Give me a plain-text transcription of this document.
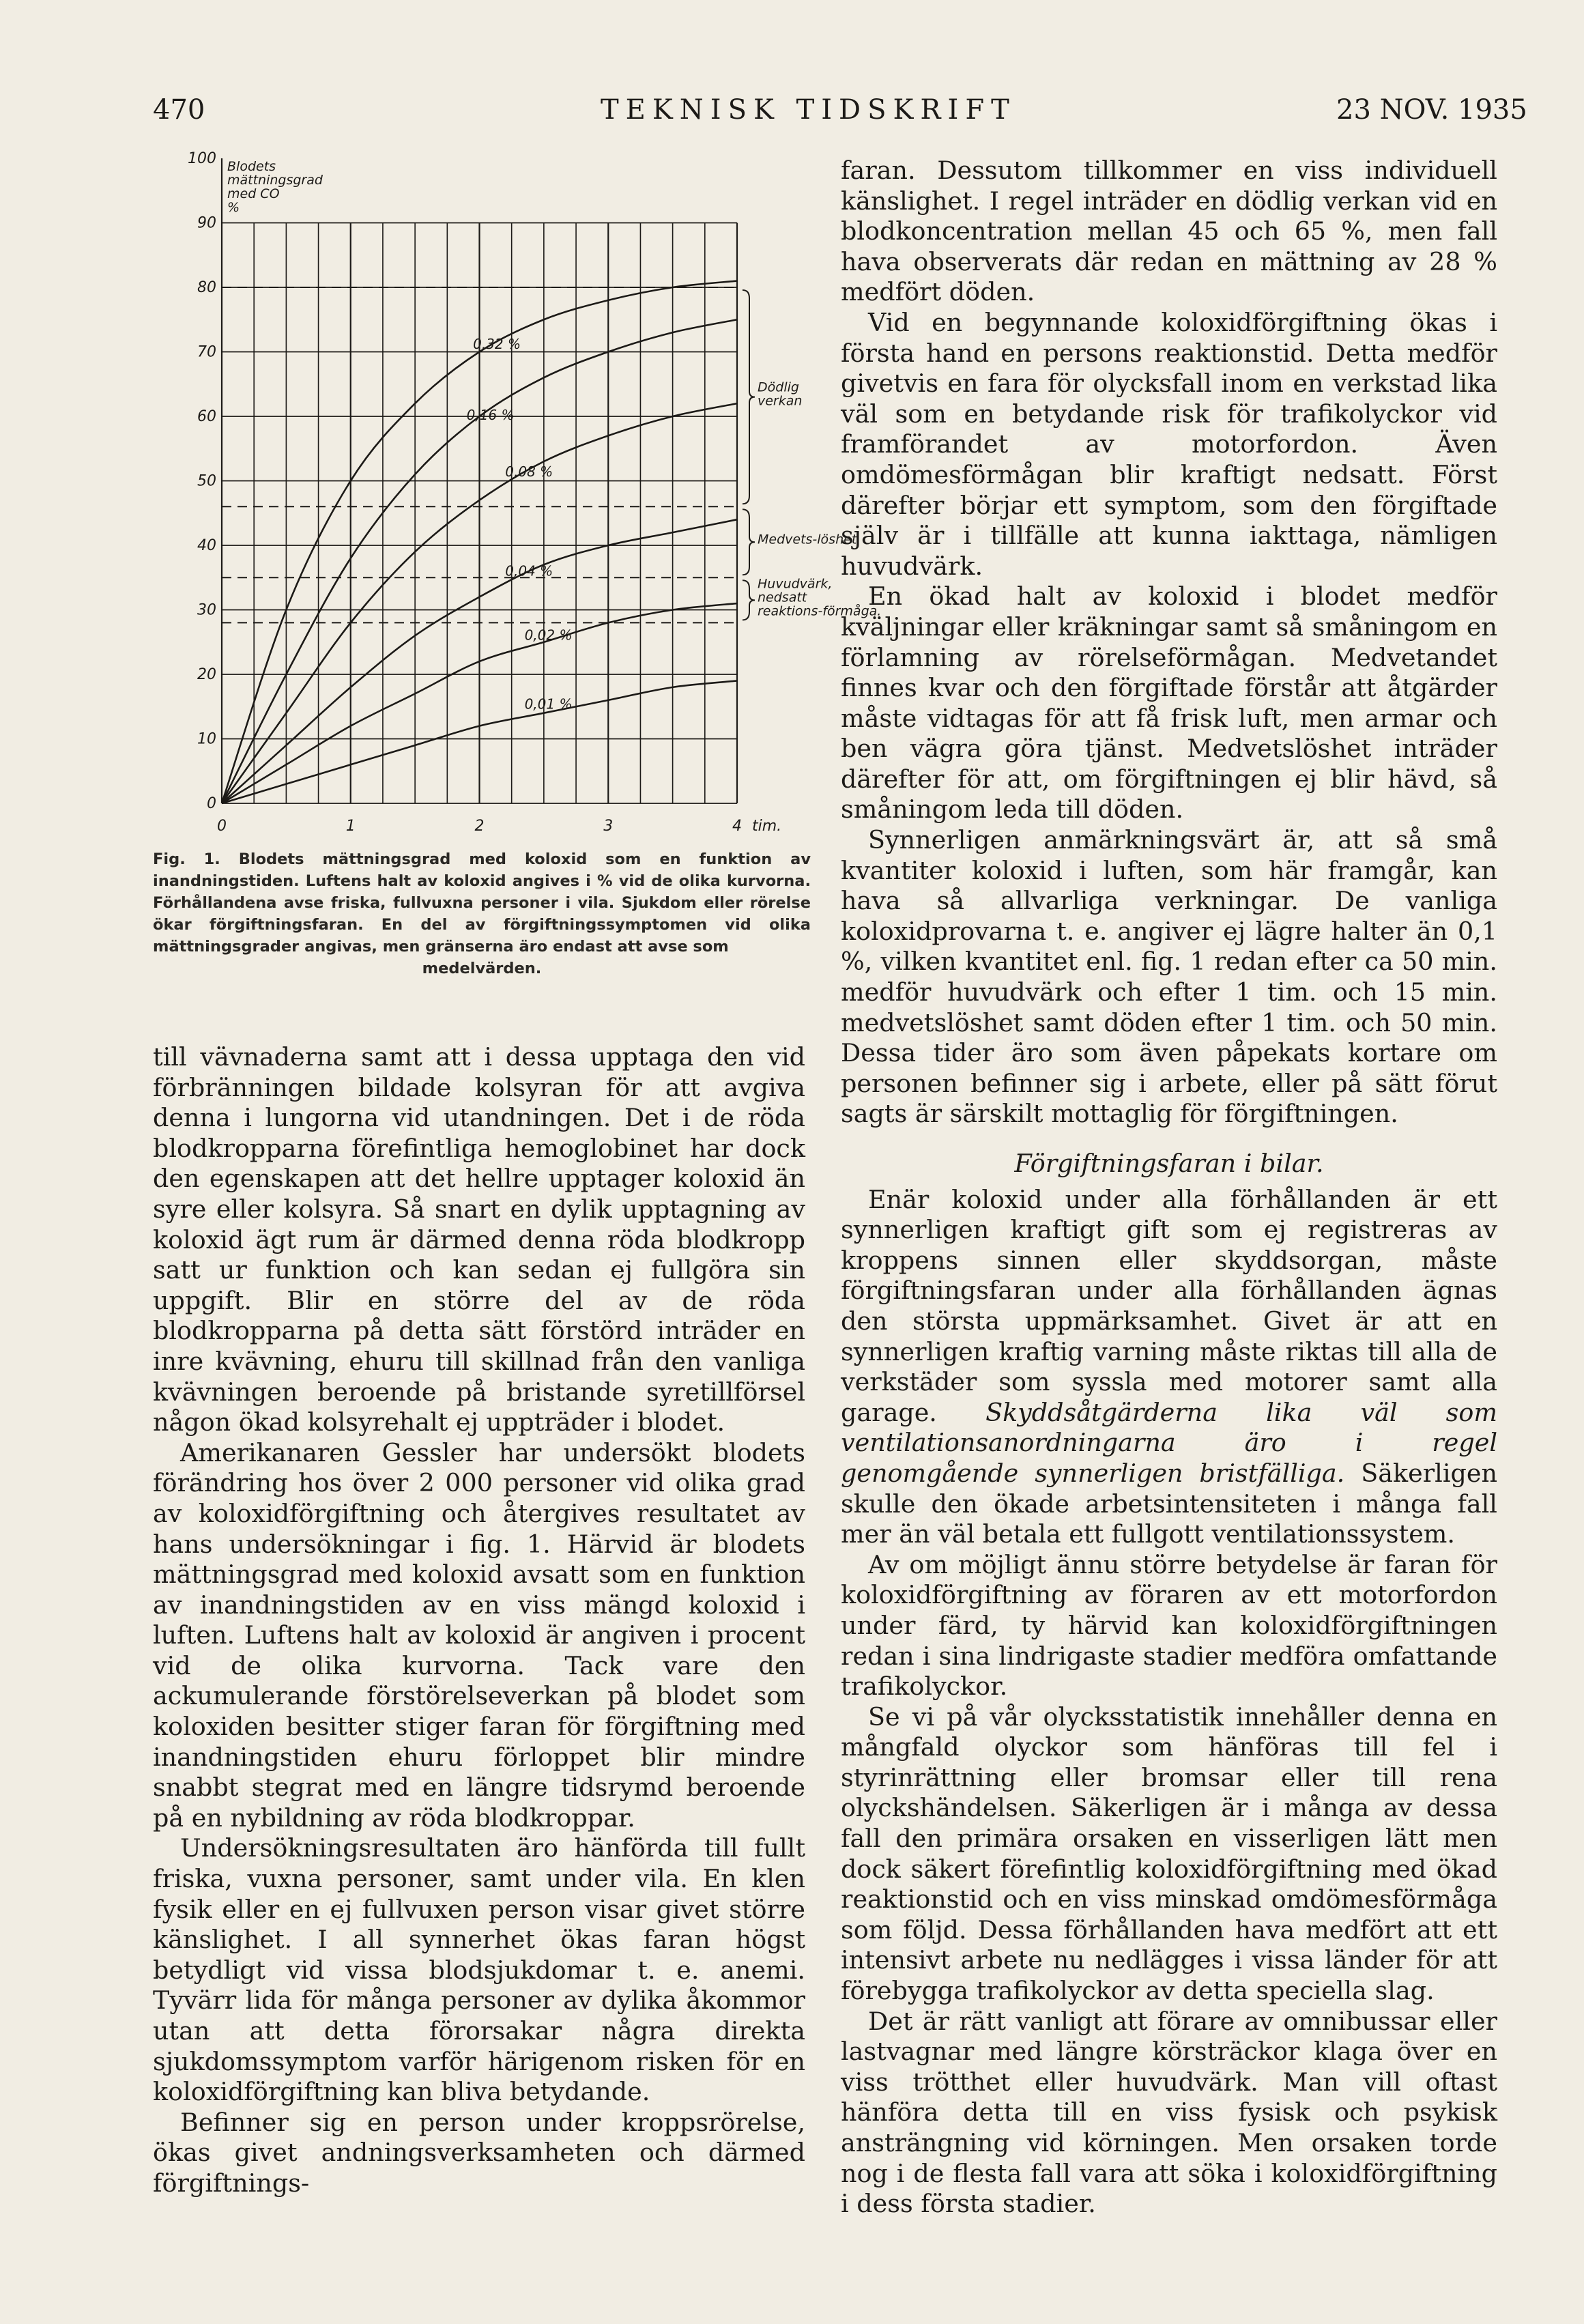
470	TEKNISK TIDSKRIFT	23 NOV. 1935
0,32 %
0,16 %
0,08 %
0,04 %
0,02 %
0,01 %
100
90
80
70
60
50
40
30
20
10
0
0	1	2	3	4 tim.
Blodets
mättningsgrad
med CO
%
Dödlig verkan
Medvets-löshet
Huvudvärk, nedsatt reaktions-förmåga.
Fig. 1. Blodets mättningsgrad med koloxid som en funktion av inandningstiden. Luftens halt av koloxid angives i % vid de olika kurvorna. Förhållandena avse friska, fullvuxna personer i vila. Sjukdom eller rörelse ökar förgiftningsfaran. En del av förgiftningssymptomen vid olika mättningsgrader angivas, men gränserna äro endast att avse som
medelvärden.

till vävnaderna samt att i dessa upptaga den vid förbränningen bildade kolsyran för att avgiva denna i lungorna vid utandningen. Det i de röda blodkropparna förefintliga hemoglobinet har dock den egenskapen att det hellre upptager koloxid än syre eller kolsyra. Så snart en dylik upptagning av koloxid ägt rum är därmed denna röda blodkropp satt ur funktion och kan sedan ej fullgöra sin uppgift. Blir en större del av de röda blodkropparna på detta sätt förstörd inträder en inre kvävning, ehuru till skillnad från den vanliga kvävningen beroende på bristande syretillförsel någon ökad kolsyrehalt ej uppträder i blodet.

Amerikanaren Gessler har undersökt blodets förändring hos över 2 000 personer vid olika grad av koloxidförgiftning och återgives resultatet av hans undersökningar i fig. 1. Härvid är blodets mättningsgrad med koloxid avsatt som en funktion av inandningstiden av en viss mängd koloxid i luften. Luftens halt av koloxid är angiven i procent vid de olika kurvorna. Tack vare den ackumulerande förstörelseverkan på blodet som koloxiden besitter stiger faran för förgiftning med inandningstiden ehuru förloppet blir mindre snabbt stegrat med en längre tidsrymd beroende på en nybildning av röda blodkroppar.

Undersökningsresultaten äro hänförda till fullt friska, vuxna personer, samt under vila. En klen fysik eller en ej fullvuxen person visar givet större känslighet. I all synnerhet ökas faran högst betydligt vid vissa blodsjukdomar t. e. anemi. Tyvärr lida för många personer av dylika åkommor utan att detta förorsakar några direkta sjukdomssymptom varför härigenom risken för en koloxidförgiftning kan bliva betydande.

Befinner sig en person under kroppsrörelse, ökas givet andningsverksamheten och därmed förgiftnings-

faran. Dessutom tillkommer en viss individuell känslighet. I regel inträder en dödlig verkan vid en blodkoncentration mellan 45 och 65 %, men fall hava observerats där redan en mättning av 28 % medfört döden.

Vid en begynnande koloxidförgiftning ökas i första hand en persons reaktionstid. Detta medför givetvis en fara för olycksfall inom en verkstad lika väl som en betydande risk för trafikolyckor vid framförandet av motorfordon. Även omdömesförmågan blir kraftigt nedsatt. Först därefter börjar ett symptom, som den förgiftade själv är i tillfälle att kunna iakttaga, nämligen huvudvärk.

En ökad halt av koloxid i blodet medför kväljningar eller kräkningar samt så småningom en förlamning av rörelseförmågan. Medvetandet finnes kvar och den förgiftade förstår att åtgärder måste vidtagas för att få frisk luft, men armar och ben vägra göra tjänst. Medvetslöshet inträder därefter för att, om förgiftningen ej blir hävd, så småningom leda till döden.

Synnerligen anmärkningsvärt är, att så små kvantiter koloxid i luften, som här framgår, kan hava så allvarliga verkningar. De vanliga koloxidprovarna t. e. angiver ej lägre halter än 0,1 %, vilken kvantitet enl. fig. 1 redan efter ca 50 min. medför huvudvärk och efter 1 tim. och 15 min. medvetslöshet samt döden efter 1 tim. och 50 min. Dessa tider äro som även påpekats kortare om personen befinner sig i arbete, eller på sätt förut sagts är särskilt mottaglig för förgiftningen.

Förgiftningsfaran i bilar.

Enär koloxid under alla förhållanden är ett synnerligen kraftigt gift som ej registreras av kroppens sinnen eller skyddsorgan, måste förgiftningsfaran under alla förhållanden ägnas den största uppmärksamhet. Givet är att en synnerligen kraftig varning måste riktas till alla de verkstäder som syssla med motorer samt alla garage. Skyddsåtgärderna lika väl som ventilationsanordningarna äro i regel genomgående synnerligen bristfälliga. Säkerligen skulle den ökade arbetsintensiteten i många fall mer än väl betala ett fullgott ventilationssystem.

Av om möjligt ännu större betydelse är faran för koloxidförgiftning av föraren av ett motorfordon under färd, ty härvid kan koloxidförgiftningen redan i sina lindrigaste stadier medföra omfattande trafikolyckor.

Se vi på vår olycksstatistik innehåller denna en mångfald olyckor som hänföras till fel i styrinrättning eller bromsar eller till rena olyckshändelsen. Säkerligen är i många av dessa fall den primära orsaken en visserligen lätt men dock säkert förefintlig koloxidförgiftning med ökad reaktionstid och en viss minskad omdömesförmåga som följd. Dessa förhållanden hava medfört att ett intensivt arbete nu nedlägges i vissa länder för att förebygga trafikolyckor av detta speciella slag.

Det är rätt vanligt att förare av omnibussar eller lastvagnar med längre körsträckor klaga över en viss trötthet eller huvudvärk. Man vill oftast hänföra detta till en viss fysisk och psykisk ansträngning vid körningen. Men orsaken torde nog i de flesta fall vara att söka i koloxidförgiftning i dess första stadier.
